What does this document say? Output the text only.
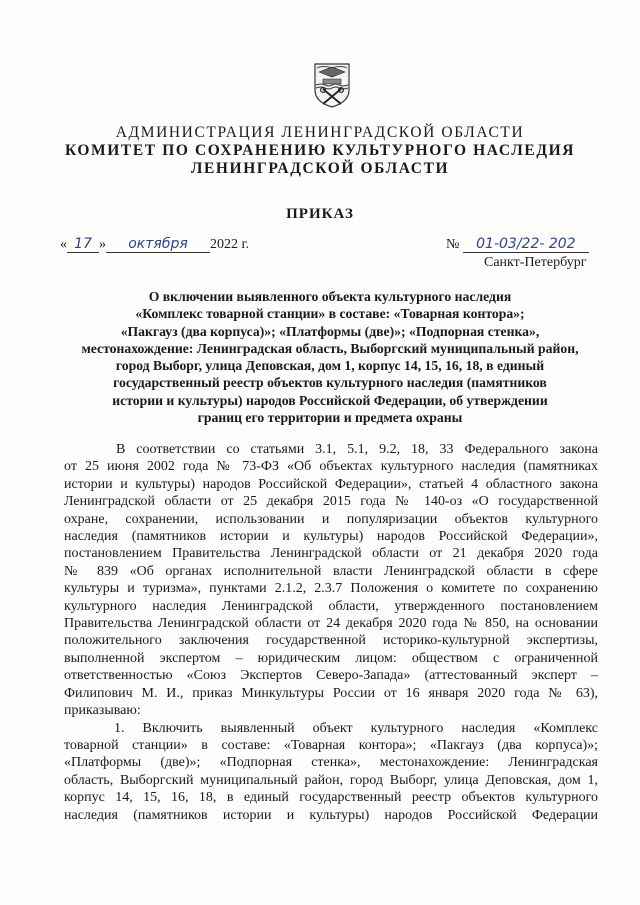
АДМИНИСТРАЦИЯ ЛЕНИНГРАДСКОЙ ОБЛАСТИ
КОМИТЕТ ПО СОХРАНЕНИЮ КУЛЬТУРНОГО НАСЛЕДИЯ
ЛЕНИНГРАДСКОЙ ОБЛАСТИ
ПРИКАЗ
« 17 » октября 2022 г.	№ 01-03/22- 202
Санкт-Петербург
О включении выявленного объекта культурного наследия
«Комплекс товарной станции» в составе: «Товарная контора»;
«Пакгауз (два корпуса)»; «Платформы (две)»; «Подпорная стенка»,
местонахождение: Ленинградская область, Выборгский муниципальный район,
город Выборг, улица Деповская, дом 1, корпус 14, 15, 16, 18, в единый
государственный реестр объектов культурного наследия (памятников
истории и культуры) народов Российской Федерации, об утверждении
границ его территории и предмета охраны
В соответствии со статьями 3.1, 5.1, 9.2, 18, 33 Федерального закона
от 25 июня 2002 года № 73-ФЗ «Об объектах культурного наследия (памятниках
истории и культуры) народов Российской Федерации», статьей 4 областного закона
Ленинградской области от 25 декабря 2015 года № 140-оз «О государственной
охране, сохранении, использовании и популяризации объектов культурного
наследия (памятников истории и культуры) народов Российской Федерации»,
постановлением Правительства Ленинградской области от 21 декабря 2020 года
№ 839 «Об органах исполнительной власти Ленинградской области в сфере
культуры и туризма», пунктами 2.1.2, 2.3.7 Положения о комитете по сохранению
культурного наследия Ленинградской области, утвержденного постановлением
Правительства Ленинградской области от 24 декабря 2020 года № 850, на основании
положительного заключения государственной историко-культурной экспертизы,
выполненной экспертом – юридическим лицом: обществом с ограниченной
ответственностью «Союз Экспертов Северо-Запада» (аттестованный эксперт –
Филипович М. И., приказ Минкультуры России от 16 января 2020 года № 63),
приказываю:
1. Включить выявленный объект культурного наследия «Комплекс
товарной станции» в составе: «Товарная контора»; «Пакгауз (два корпуса)»;
«Платформы (две)»; «Подпорная стенка», местонахождение: Ленинградская
область, Выборгский муниципальный район, город Выборг, улица Деповская, дом 1,
корпус 14, 15, 16, 18, в единый государственный реестр объектов культурного
наследия (памятников истории и культуры) народов Российской Федерации
